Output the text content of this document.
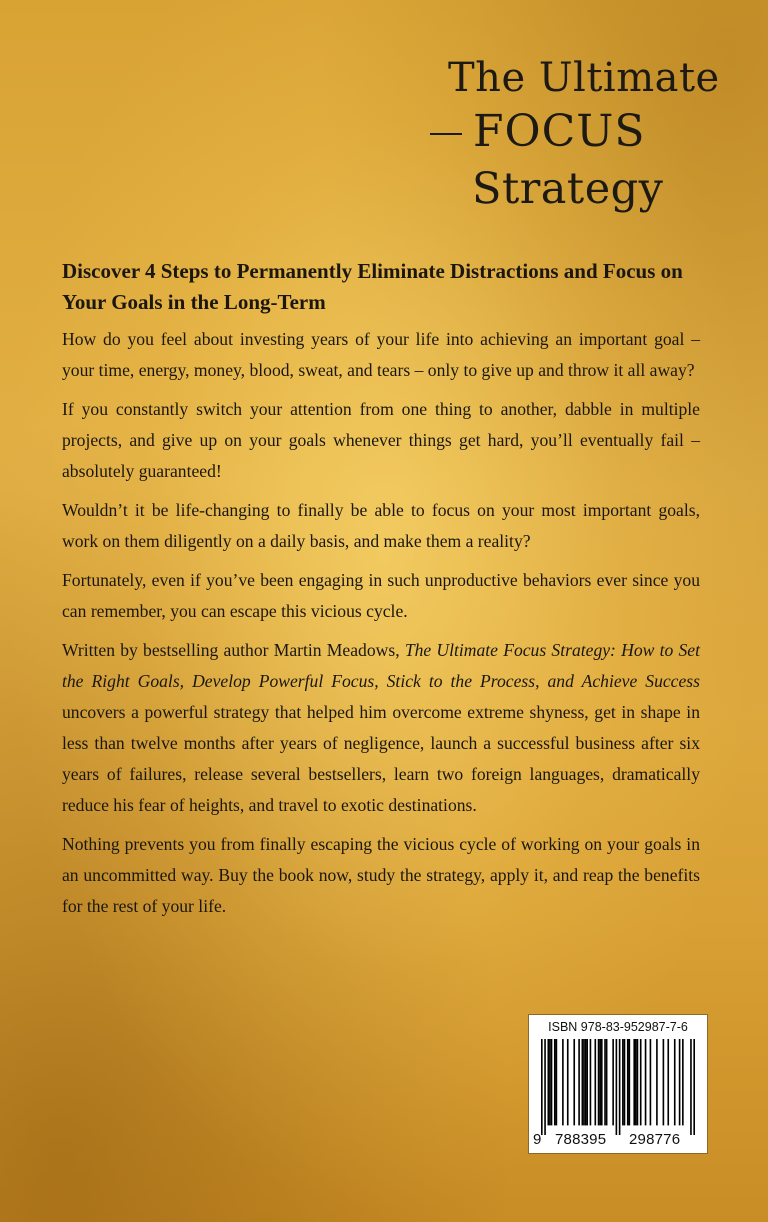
The Ultimate
FOCUS
Strategy

Discover 4 Steps to Permanently Eliminate Distractions and Focus on Your Goals in the Long-Term

How do you feel about investing years of your life into achieving an important goal – your time, energy, money, blood, sweat, and tears – only to give up and throw it all away?

If you constantly switch your attention from one thing to another, dabble in multiple projects, and give up on your goals whenever things get hard, you’ll eventually fail – absolutely guaranteed!

Wouldn’t it be life-changing to finally be able to focus on your most important goals, work on them diligently on a daily basis, and make them a reality?

Fortunately, even if you’ve been engaging in such unproductive behaviors ever since you can remember, you can escape this vicious cycle.

Written by bestselling author Martin Meadows, The Ultimate Focus Strategy: How to Set the Right Goals, Develop Powerful Focus, Stick to the Process, and Achieve Success uncovers a powerful strategy that helped him overcome extreme shyness, get in shape in less than twelve months after years of negligence, launch a successful business after six years of failures, release several bestsellers, learn two foreign languages, dramatically reduce his fear of heights, and travel to exotic destinations.

Nothing prevents you from finally escaping the vicious cycle of working on your goals in an uncommitted way. Buy the book now, study the strategy, apply it, and reap the benefits for the rest of your life.

ISBN 978-83-952987-7-6
9 788395 298776
